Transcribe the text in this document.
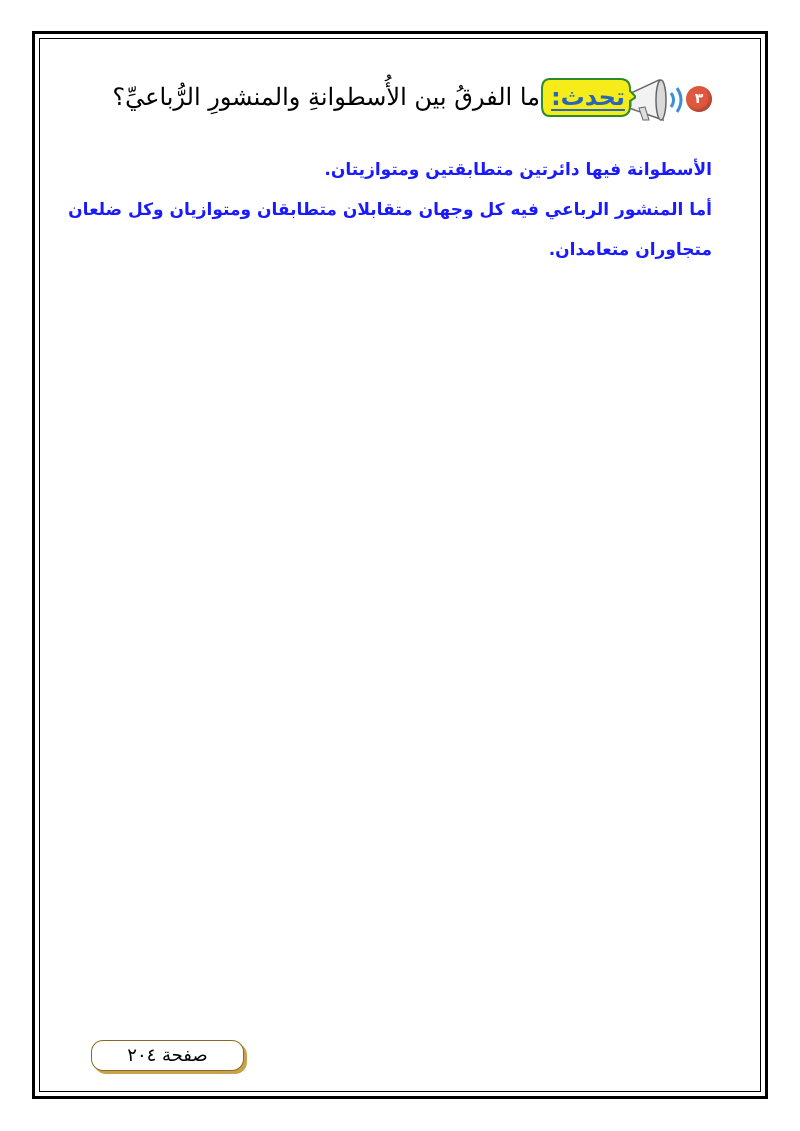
٣
تحدث:
ما الفرقُ بين الأُسطوانةِ والمنشورِ الرُّباعيِّ؟
الأسطوانة فيها دائرتين متطابقتين ومتوازيتان.
أما المنشور الرباعي فيه كل وجهان متقابلان متطابقان ومتوازيان وكل ضلعان
متجاوران متعامدان.
صفحة ٢٠٤
